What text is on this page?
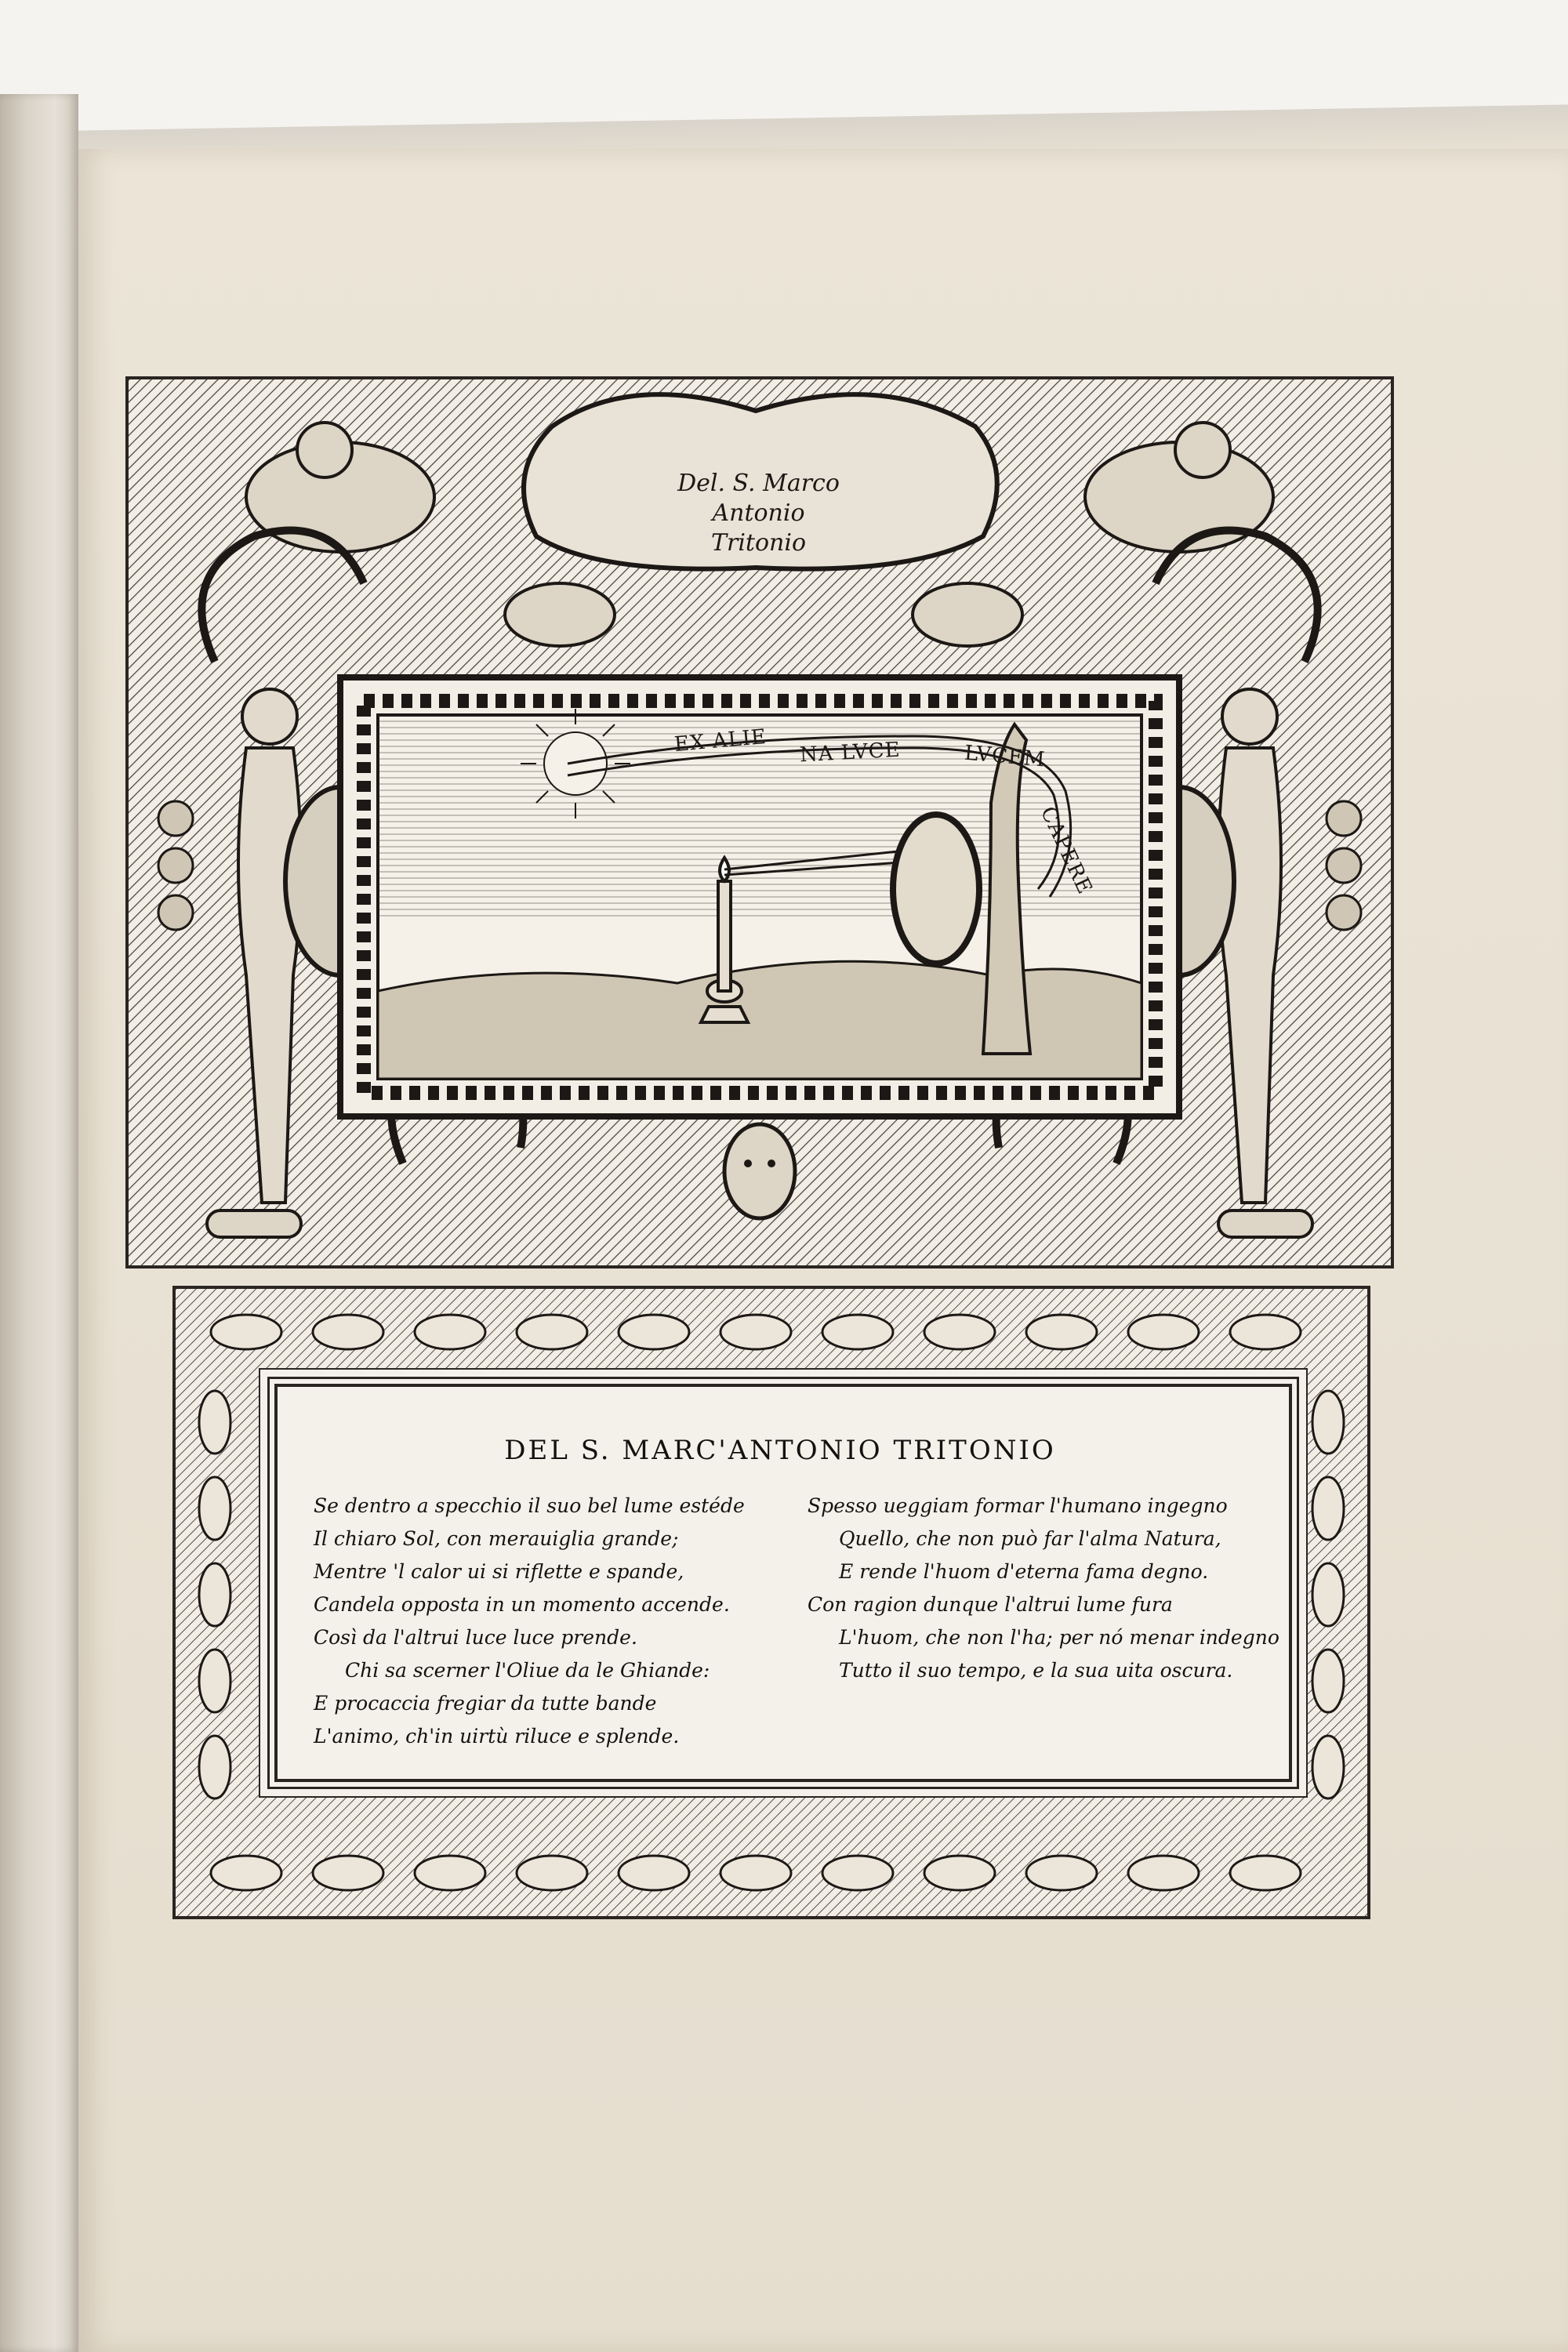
Del. S. Marco
Antonio Tritonio
EX ALIE NA LVCE	LVCEM
CAPERE
DEL S. MARC'ANTONIO TRITONIO
Se dentro a specchio il suo bel lume estéde
Il chiaro Sol, con merauiglia grande;
Mentre 'l calor ui si riflette e spande,
Candela opposta in un momento accende.
Così da l'altrui luce luce prende.
Chi sa scerner l'Oliue da le Ghiande:
E procaccia fregiar da tutte bande
L'animo, ch'in uirtù riluce e splende.
Spesso ueggiam formar l'humano ingegno
Quello, che non può far l'alma Natura,
E rende l'huom d'eterna fama degno.
Con ragion dunque l'altrui lume fura
L'huom, che non l'ha; per nó menar indegno
Tutto il suo tempo, e la sua uita oscura.
